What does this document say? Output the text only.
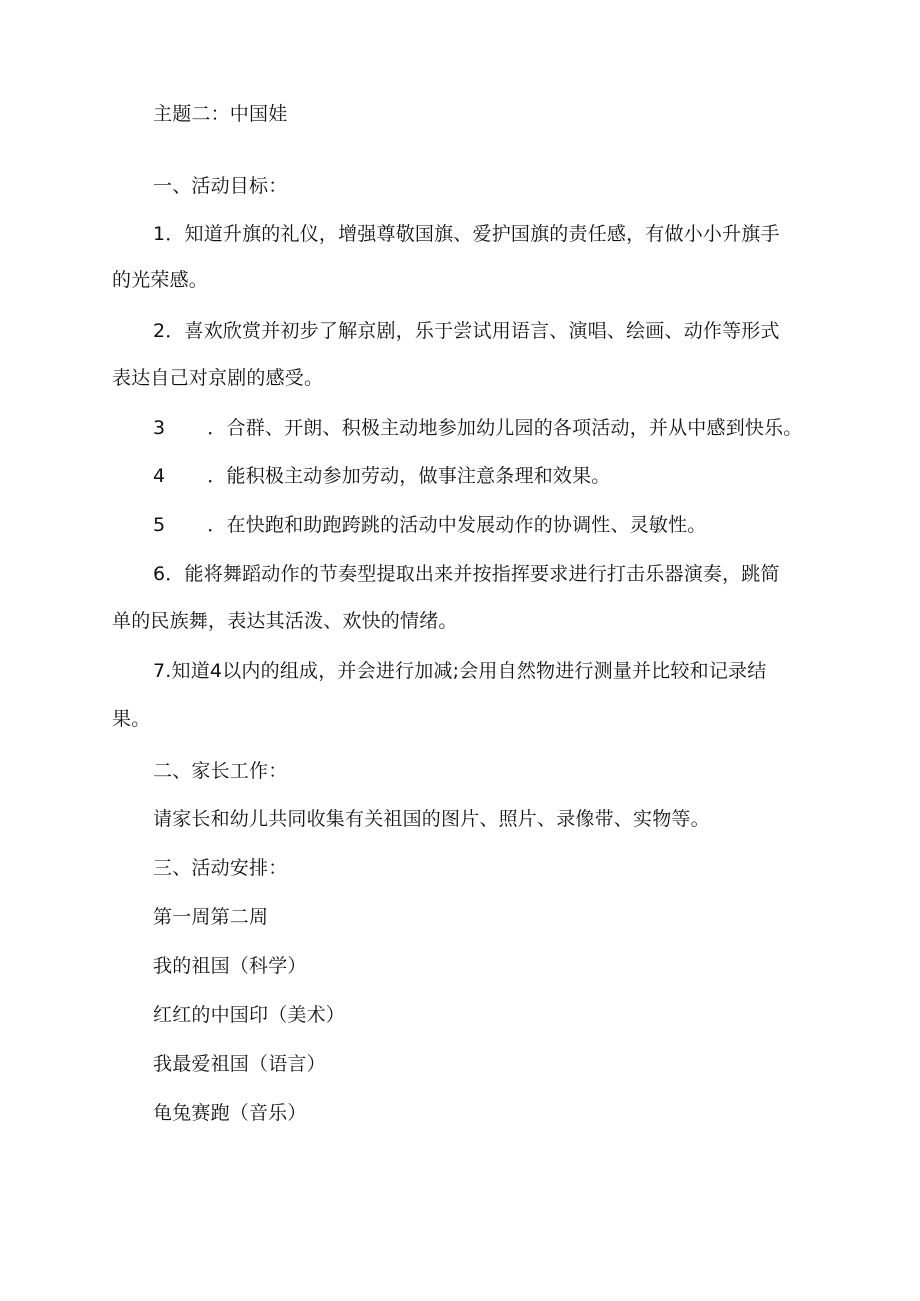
主题二：中国娃
一、活动目标：
1．知道升旗的礼仪，增强尊敬国旗、爱护国旗的责任感，有做小小升旗手
的光荣感。
2．喜欢欣赏并初步了解京剧，乐于尝试用语言、演唱、绘画、动作等形式
表达自己对京剧的感受。
3 ．合群、开朗、积极主动地参加幼儿园的各项活动，并从中感到快乐。
4 ．能积极主动参加劳动，做事注意条理和效果。
5 ．在快跑和助跑跨跳的活动中发展动作的协调性、灵敏性。
6．能将舞蹈动作的节奏型提取出来并按指挥要求进行打击乐器演奏，跳简
单的民族舞，表达其活泼、欢快的情绪。
7.知道4以内的组成，并会进行加减;会用自然物进行测量并比较和记录结
果。
二、家长工作：
请家长和幼儿共同收集有关祖国的图片、照片、录像带、实物等。
三、活动安排：
第一周第二周
我的祖国（科学）
红红的中国印（美术）
我最爱祖国（语言）
龟兔赛跑（音乐）
